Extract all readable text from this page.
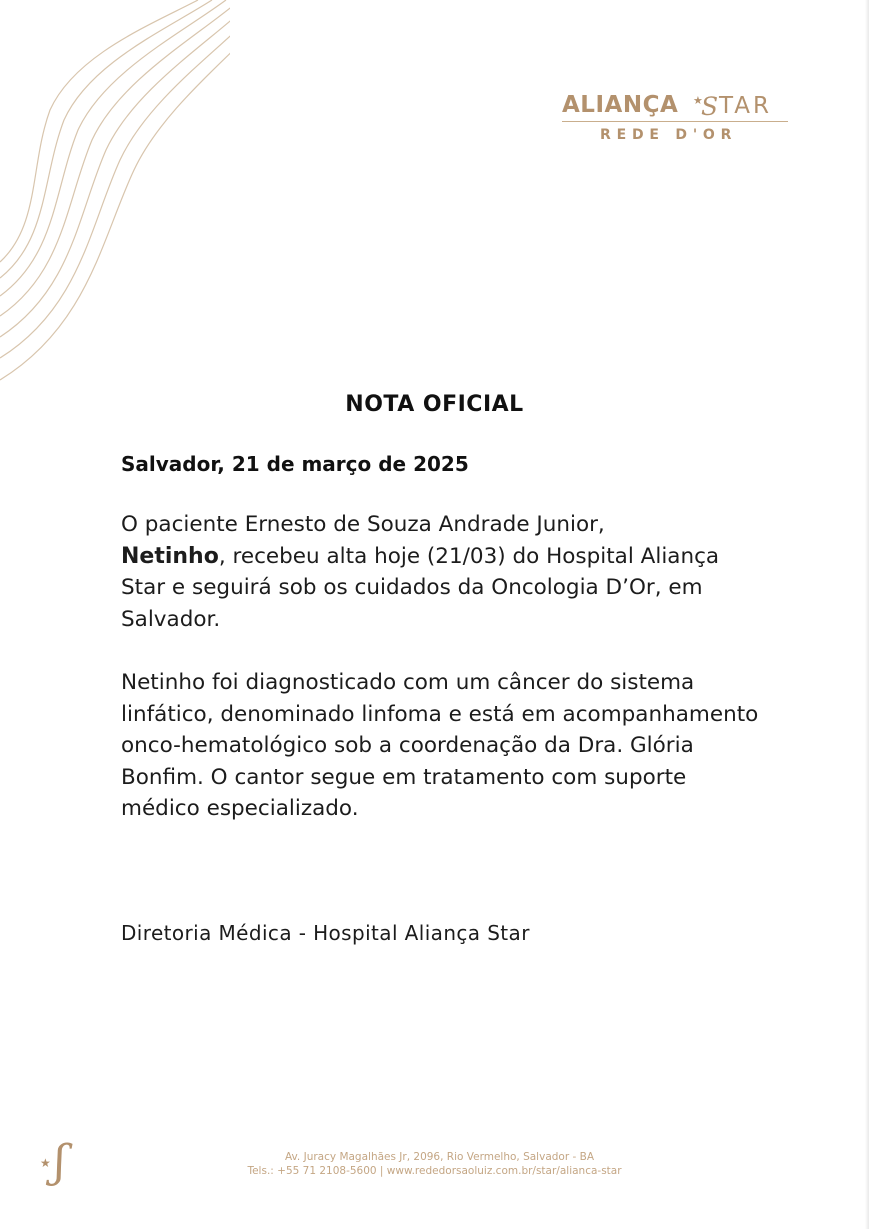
ALIANÇA ★
S TAR
REDE D'OR
NOTA OFICIAL
Salvador, 21 de março de 2025

O paciente Ernesto de Souza Andrade Junior,
Netinho, recebeu alta hoje (21/03) do Hospital Aliança Star e seguirá sob os cuidados da Oncologia D’Or, em Salvador.

Netinho foi diagnosticado com um câncer do sistema linfático, denominado linfoma e está em acompanhamento onco-hematológico sob a coordenação da Dra. Glória Bonfim. O cantor segue em tratamento com suporte médico especializado.

Diretoria Médica - Hospital Aliança Star
★ ʃ	Av. Juracy Magalhães Jr, 2096, Rio Vermelho, Salvador - BA
Tels.: +55 71 2108-5600 | www.rededorsaoluiz.com.br/star/alianca-star
